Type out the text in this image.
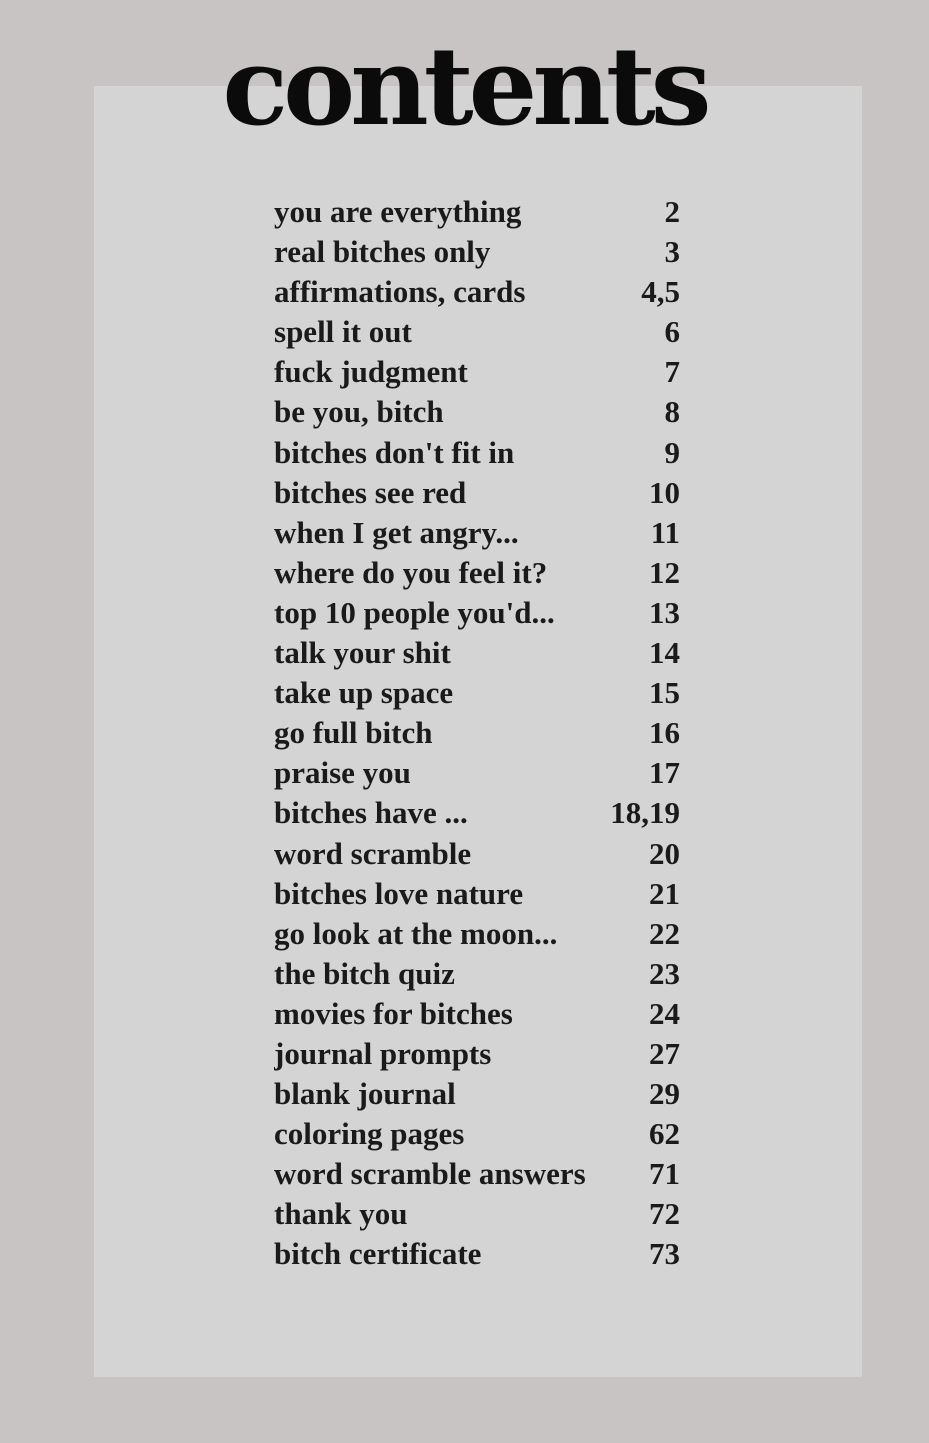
contents
you are everything	2
real bitches only	3
affirmations, cards	4,5
spell it out	6
fuck judgment	7
be you, bitch	8
bitches don't fit in	9
bitches see red	10
when I get angry...	11
where do you feel it?	12
top 10 people you'd...	13
talk your shit	14
take up space	15
go full bitch	16
praise you	17
bitches have ...	18,19
word scramble	20
bitches love nature	21
go look at the moon...	22
the bitch quiz	23
movies for bitches	24
journal prompts	27
blank journal	29
coloring pages	62
word scramble answers	71
thank you	72
bitch certificate	73
